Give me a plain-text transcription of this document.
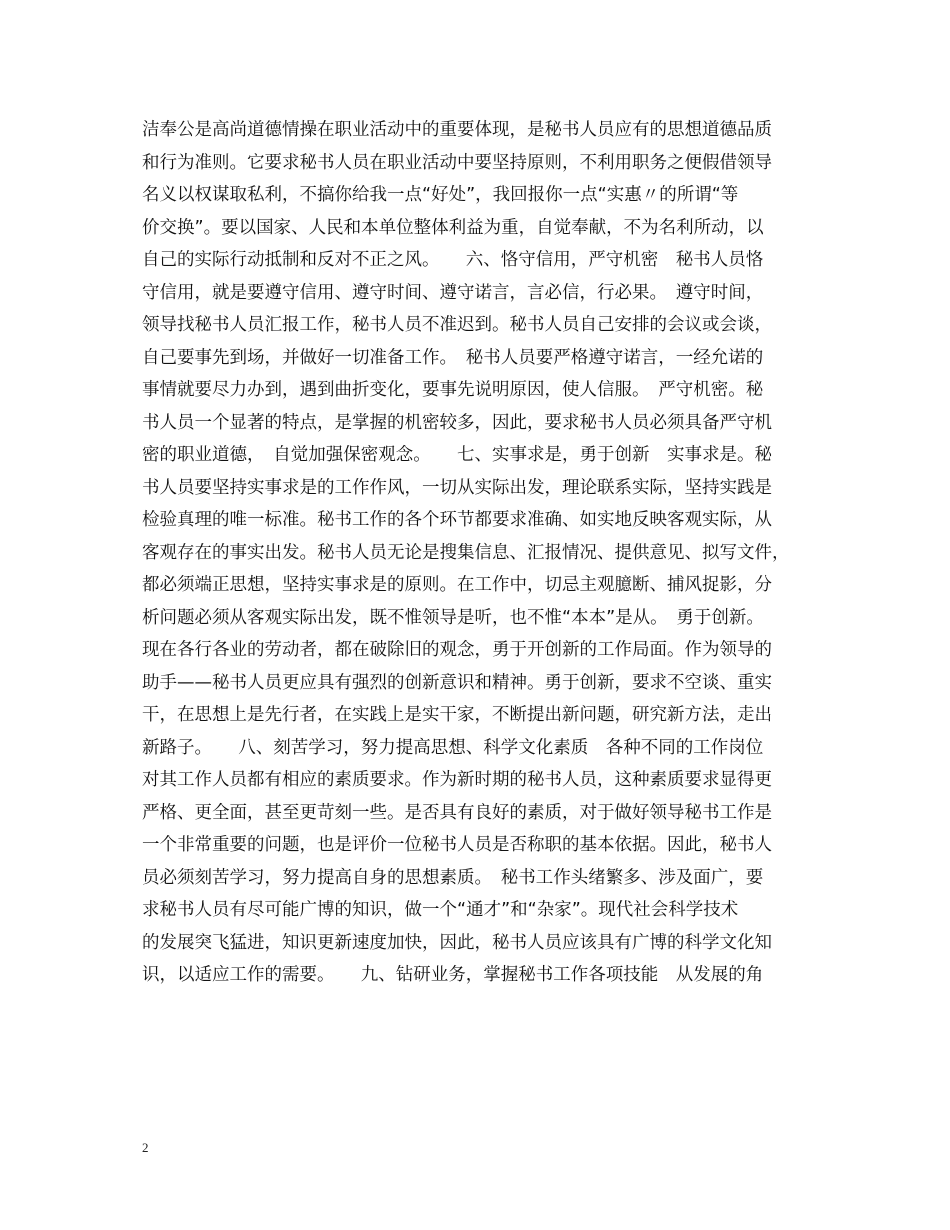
洁奉公是高尚道德情操在职业活动中的重要体现，是秘书人员应有的思想道德品质
和行为准则。它要求秘书人员在职业活动中要坚持原则，不利用职务之便假借领导
名义以权谋取私利，不搞你给我一点“好处”，我回报你一点“实惠〃的所谓“等
价交换”。要以国家、人民和本单位整体利益为重，自觉奉献，不为名利所动，以
自己的实际行动抵制和反对不正之风。　　六、恪守信用，严守机密　秘书人员恪
守信用，就是要遵守信用、遵守时间、遵守诺言，言必信，行必果。　遵守时间，
领导找秘书人员汇报工作，秘书人员不准迟到。秘书人员自己安排的会议或会谈，
自己要事先到场，并做好一切准备工作。　秘书人员要严格遵守诺言，一经允诺的
事情就要尽力办到，遇到曲折变化，要事先说明原因，使人信服。　严守机密。秘
书人员一个显著的特点，是掌握的机密较多，因此，要求秘书人员必须具备严守机
密的职业道德，　自觉加强保密观念。　　七、实事求是，勇于创新　实事求是。秘
书人员要坚持实事求是的工作作风，一切从实际出发，理论联系实际，坚持实践是
检验真理的唯一标准。秘书工作的各个环节都要求准确、如实地反映客观实际，从
客观存在的事实出发。秘书人员无论是搜集信息、汇报情况、提供意见、拟写文件，
都必须端正思想，坚持实事求是的原则。在工作中，切忌主观臆断、捕风捉影，分
析问题必须从客观实际出发，既不惟领导是听，也不惟“本本”是从。　勇于创新。
现在各行各业的劳动者，都在破除旧的观念，勇于开创新的工作局面。作为领导的
助手——秘书人员更应具有强烈的创新意识和精神。勇于创新，要求不空谈、重实
干，在思想上是先行者，在实践上是实干家，不断提出新问题，研究新方法，走出
新路子。　　八、刻苦学习，努力提高思想、科学文化素质　各种不同的工作岗位
对其工作人员都有相应的素质要求。作为新时期的秘书人员，这种素质要求显得更
严格、更全面，甚至更苛刻一些。是否具有良好的素质，对于做好领导秘书工作是
一个非常重要的问题，也是评价一位秘书人员是否称职的基本依据。因此，秘书人
员必须刻苦学习，努力提高自身的思想素质。　秘书工作头绪繁多、涉及面广，要
求秘书人员有尽可能广博的知识，做一个“通才”和“杂家”。现代社会科学技术
的发展突飞猛进，知识更新速度加快，因此，秘书人员应该具有广博的科学文化知
识，以适应工作的需要。　　九、钻研业务，掌握秘书工作各项技能　从发展的角
2
